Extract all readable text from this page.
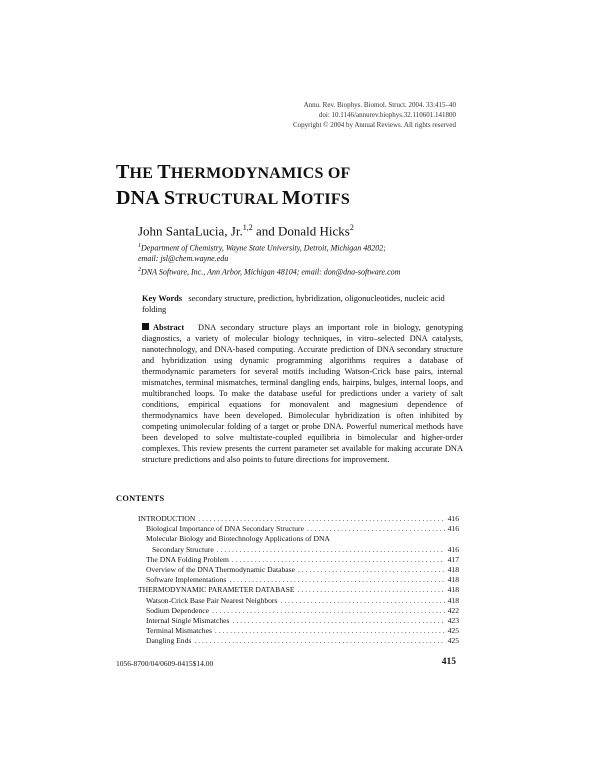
Annu. Rev. Biophys. Biomol. Struct. 2004. 33:415–40
doi: 10.1146/annurev.biophys.32.110601.141800
Copyright © 2004 by Annual Reviews. All rights reserved
THE THERMODYNAMICS OF
DNA STRUCTURAL MOTIFS
John SantaLucia, Jr.$^{1,2}$ and Donald Hicks$^2$
$^1$Department of Chemistry, Wayne State University, Detroit, Michigan 48202;
email: jsl@chem.wayne.edu
$^2$DNA Software, Inc., Ann Arbor, Michigan 48104; email: don@dna-software.com
Key Words secondary structure, prediction, hybridization, oligonucleotides, nucleic acid folding
Abstract DNA secondary structure plays an important role in biology, genotyping diagnostics, a variety of molecular biology techniques, in vitro–selected DNA catalysts, nanotechnology, and DNA-based computing. Accurate prediction of DNA secondary structure and hybridization using dynamic programming algorithms requires a database of thermodynamic parameters for several motifs including Watson-Crick base pairs, internal mismatches, terminal mismatches, terminal dangling ends, hairpins, bulges, internal loops, and multibranched loops. To make the database useful for predictions under a variety of salt conditions, empirical equations for monovalent and magnesium dependence of thermodynamics have been developed. Bimolecular hybridization is often inhibited by competing unimolecular folding of a target or probe DNA. Powerful numerical methods have been developed to solve multistate-coupled equilibria in bimolecular and higher-order complexes. This review presents the current parameter set available for making accurate DNA structure predictions and also points to future directions for improvement.
CONTENTS
INTRODUCTION . . .	416
Biological Importance of DNA Secondary Structure . . .	416
Molecular Biology and Biotechnology Applications of DNA
Secondary Structure . . .	416
The DNA Folding Problem . . .	417
Overview of the DNA Thermodynamic Database . . .	418
Software Implementations . . .	418
THERMODYNAMIC PARAMETER DATABASE . . .	418
Watson-Crick Base Pair Nearest Neighbors . . .	418
Sodium Dependence . . .	422
Internal Single Mismatches . . .	423
Terminal Mismatches . . .	425
Dangling Ends . . .	425
1056-8700/04/0609-0415$14.00	415
